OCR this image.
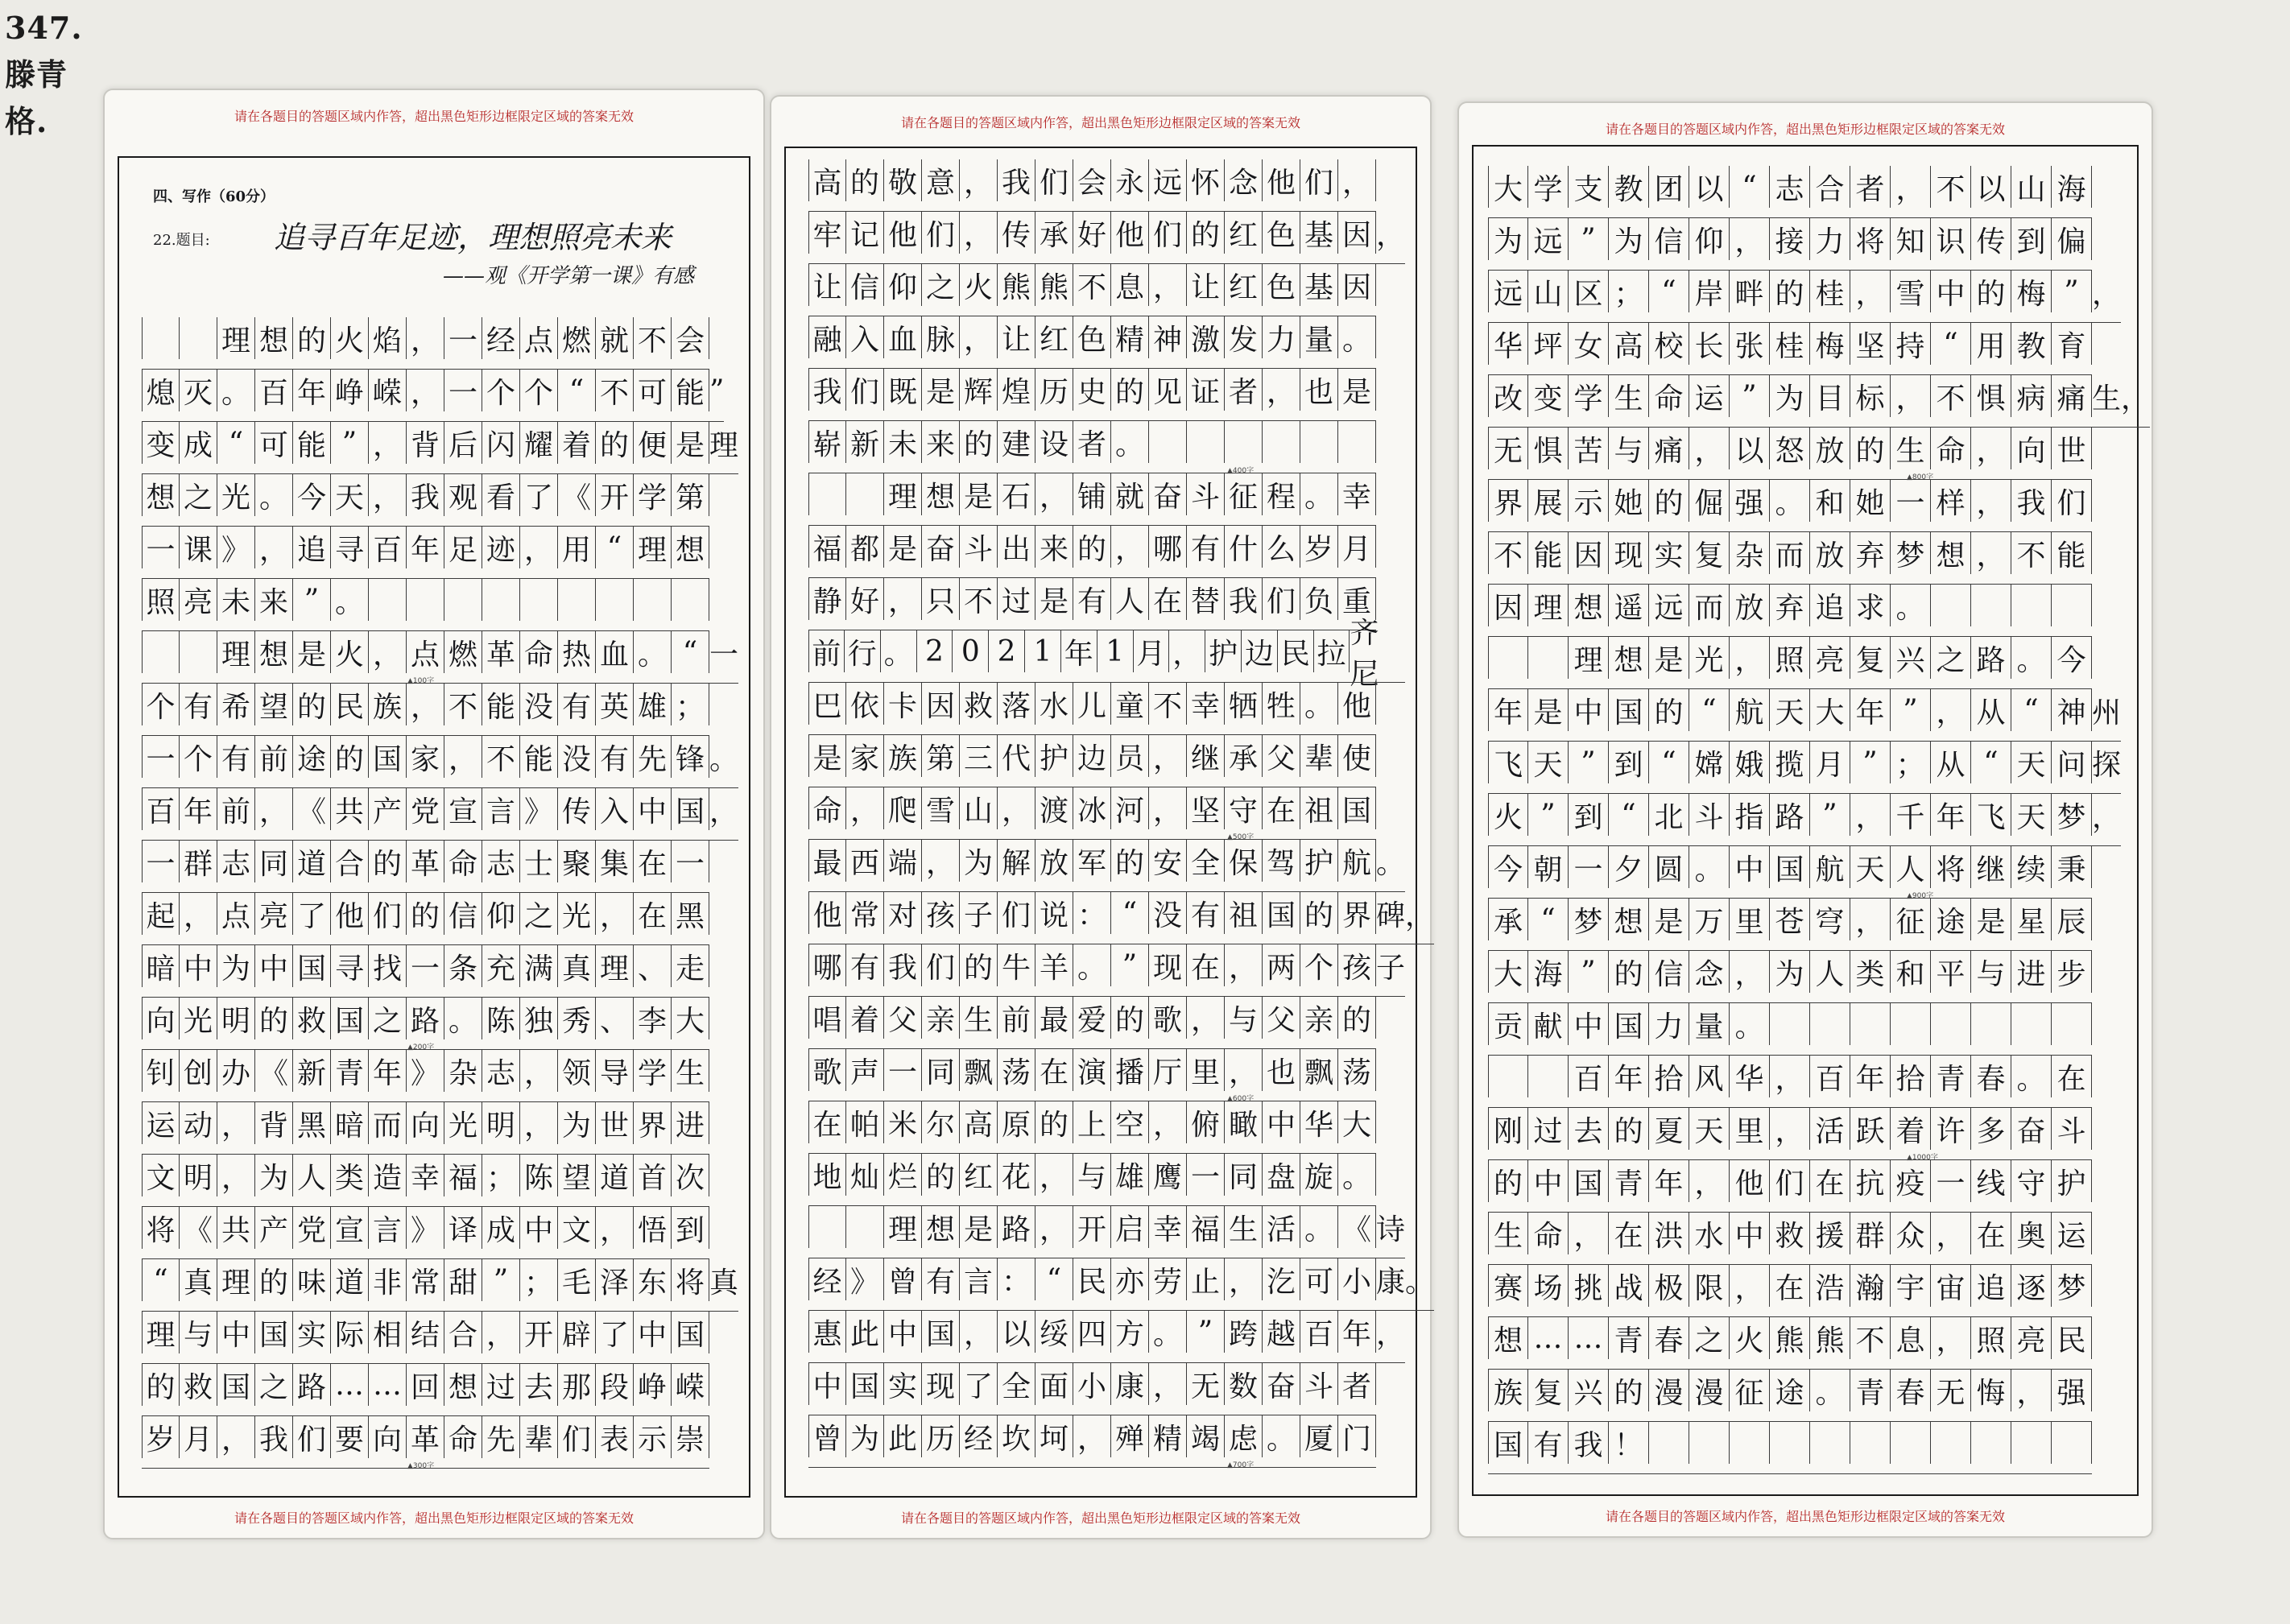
347.
滕青格.	请在各题目的答题区域内作答，超出黑色矩形边框限定区域的答案无效
四、写作（60分）
22.题目: 追寻百年足迹，理想照亮未来
——观《开学第一课》有感
理 想 的 火 焰 ， 一 经 点 燃 就 不 会
熄 灭 。 百 年 峥 嵘 ， 一 个 个 “ 不 可 能 ”
变 成 “ 可 能 ” ， 背 后 闪 耀 着 的 便 是 理
想 之 光 。 今 天 ， 我 观 看 了 《 开 学 第
一 课 》 ， 追 寻 百 年 足 迹 ， 用 “ 理 想
照 亮 未 来 ” 。
理 想 是 火 ， 点 燃 革 命 热 血 。 “ 一
▲100字
个 有 希 望 的 民 族 ， 不 能 没 有 英 雄 ；
一 个 有 前 途 的 国 家 ， 不 能 没 有 先 锋 。
百 年 前 ， 《 共 产 党 宣 言 》 传 入 中 国 ，
一 群 志 同 道 合 的 革 命 志 士 聚 集 在 一
起 ， 点 亮 了 他 们 的 信 仰 之 光 ， 在 黑
暗 中 为 中 国 寻 找 一 条 充 满 真 理 、 走
向 光 明 的 救 国 之 路 。 陈 独 秀 、 李 大
▲200字
钊 创 办 《 新 青 年 》 杂 志 ， 领 导 学 生
运 动 ， 背 黑 暗 而 向 光 明 ， 为 世 界 进
文 明 ， 为 人 类 造 幸 福 ； 陈 望 道 首 次
将 《 共 产 党 宣 言 》 译 成 中 文 ， 悟 到
“ 真 理 的 味 道 非 常 甜 ” ； 毛 泽 东 将 真
理 与 中 国 实 际 相 结 合 ， 开 辟 了 中 国
的 救 国 之 路 … … 回 想 过 去 那 段 峥 嵘
岁 月 ， 我 们 要 向 革 命 先 辈 们 表 示 崇
▲300字
请在各题目的答题区域内作答，超出黑色矩形边框限定区域的答案无效
请在各题目的答题区域内作答，超出黑色矩形边框限定区域的答案无效
高 的 敬 意 ， 我 们 会 永 远 怀 念 他 们 ，
牢 记 他 们 ， 传 承 好 他 们 的 红 色 基 因 ，
让 信 仰 之 火 熊 熊 不 息 ， 让 红 色 基 因
融 入 血 脉 ， 让 红 色 精 神 激 发 力 量 。
我 们 既 是 辉 煌 历 史 的 见 证 者 ， 也 是
崭 新 未 来 的 建 设 者 。
▲400字
理 想 是 石 ， 铺 就 奋 斗 征 程 。 幸
福 都 是 奋 斗 出 来 的 ， 哪 有 什 么 岁 月
静 好 ， 只 不 过 是 有 人 在 替 我 们 负 重
前 行 。 2 0 2 1 年 1 月 ， 护 边 民 拉
齐尼
巴 依 卡 因 救 落 水 儿 童 不 幸 牺 牲 。 他
是 家 族 第 三 代 护 边 员 ， 继 承 父 辈 使
命 ， 爬 雪 山 ， 渡 冰 河 ， 坚 守 在 祖 国
▲500字
最 西 端 ， 为 解 放 军 的 安 全 保 驾 护 航 。
他 常 对 孩 子 们 说 ： “ 没 有 祖 国 的 界 碑，
哪 有 我 们 的 牛 羊 。 ” 现 在 ， 两 个 孩 子
唱 着 父 亲 生 前 最 爱 的 歌 ， 与 父 亲 的
歌 声 一 同 飘 荡 在 演 播 厅 里 ， 也 飘 荡
▲600字
在 帕 米 尔 高 原 的 上 空 ， 俯 瞰 中 华 大
地 灿 烂 的 红 花 ， 与 雄 鹰 一 同 盘 旋 。
理 想 是 路 ， 开 启 幸 福 生 活 。 《 诗
经 》 曾 有 言 ： “ 民 亦 劳 止 ， 汔 可 小 康。
惠 此 中 国 ， 以 绥 四 方 。 ” 跨 越 百 年 ，
中 国 实 现 了 全 面 小 康 ， 无 数 奋 斗 者
曾 为 此 历 经 坎 坷 ， 殚 精 竭 虑 。 厦 门
▲700字
请在各题目的答题区域内作答，超出黑色矩形边框限定区域的答案无效
请在各题目的答题区域内作答，超出黑色矩形边框限定区域的答案无效
大 学 支 教 团 以 “ 志 合 者 ， 不 以 山 海
为 远 ” 为 信 仰 ， 接 力 将 知 识 传 到 偏
远 山 区 ； “ 岸 畔 的 桂 ， 雪 中 的 梅 ” ，
华 坪 女 高 校 长 张 桂 梅 坚 持 “ 用 教 育
改 变 学 生 命 运 ” 为 目 标 ， 不 惧 病 痛 生，
无 惧 苦 与 痛 ， 以 怒 放 的 生 命 ， 向 世
▲800字
界 展 示 她 的 倔 强 。 和 她 一 样 ， 我 们
不 能 因 现 实 复 杂 而 放 弃 梦 想 ， 不 能
因 理 想 遥 远 而 放 弃 追 求 。
理 想 是 光 ， 照 亮 复 兴 之 路 。 今
年 是 中 国 的 “ 航 天 大 年 ” ， 从 “ 神 州
飞 天 ” 到 “ 嫦 娥 揽 月 ” ； 从 “ 天 问 探
火 ” 到 “ 北 斗 指 路 ” ， 千 年 飞 天 梦 ，
今 朝 一 夕 圆 。 中 国 航 天 人 将 继 续 秉
▲900字
承 “ 梦 想 是 万 里 苍 穹 ， 征 途 是 星 辰
大 海 ” 的 信 念 ， 为 人 类 和 平 与 进 步
贡 献 中 国 力 量 。
百 年 拾 风 华 ， 百 年 拾 青 春 。 在
刚 过 去 的 夏 天 里 ， 活 跃 着 许 多 奋 斗
▲1000字
的 中 国 青 年 ， 他 们 在 抗 疫 一 线 守 护
生 命 ， 在 洪 水 中 救 援 群 众 ， 在 奥 运
赛 场 挑 战 极 限 ， 在 浩 瀚 宇 宙 追 逐 梦
想 … … 青 春 之 火 熊 熊 不 息 ， 照 亮 民
族 复 兴 的 漫 漫 征 途 。 青 春 无 悔 ， 强
国 有 我 ！
请在各题目的答题区域内作答，超出黑色矩形边框限定区域的答案无效
